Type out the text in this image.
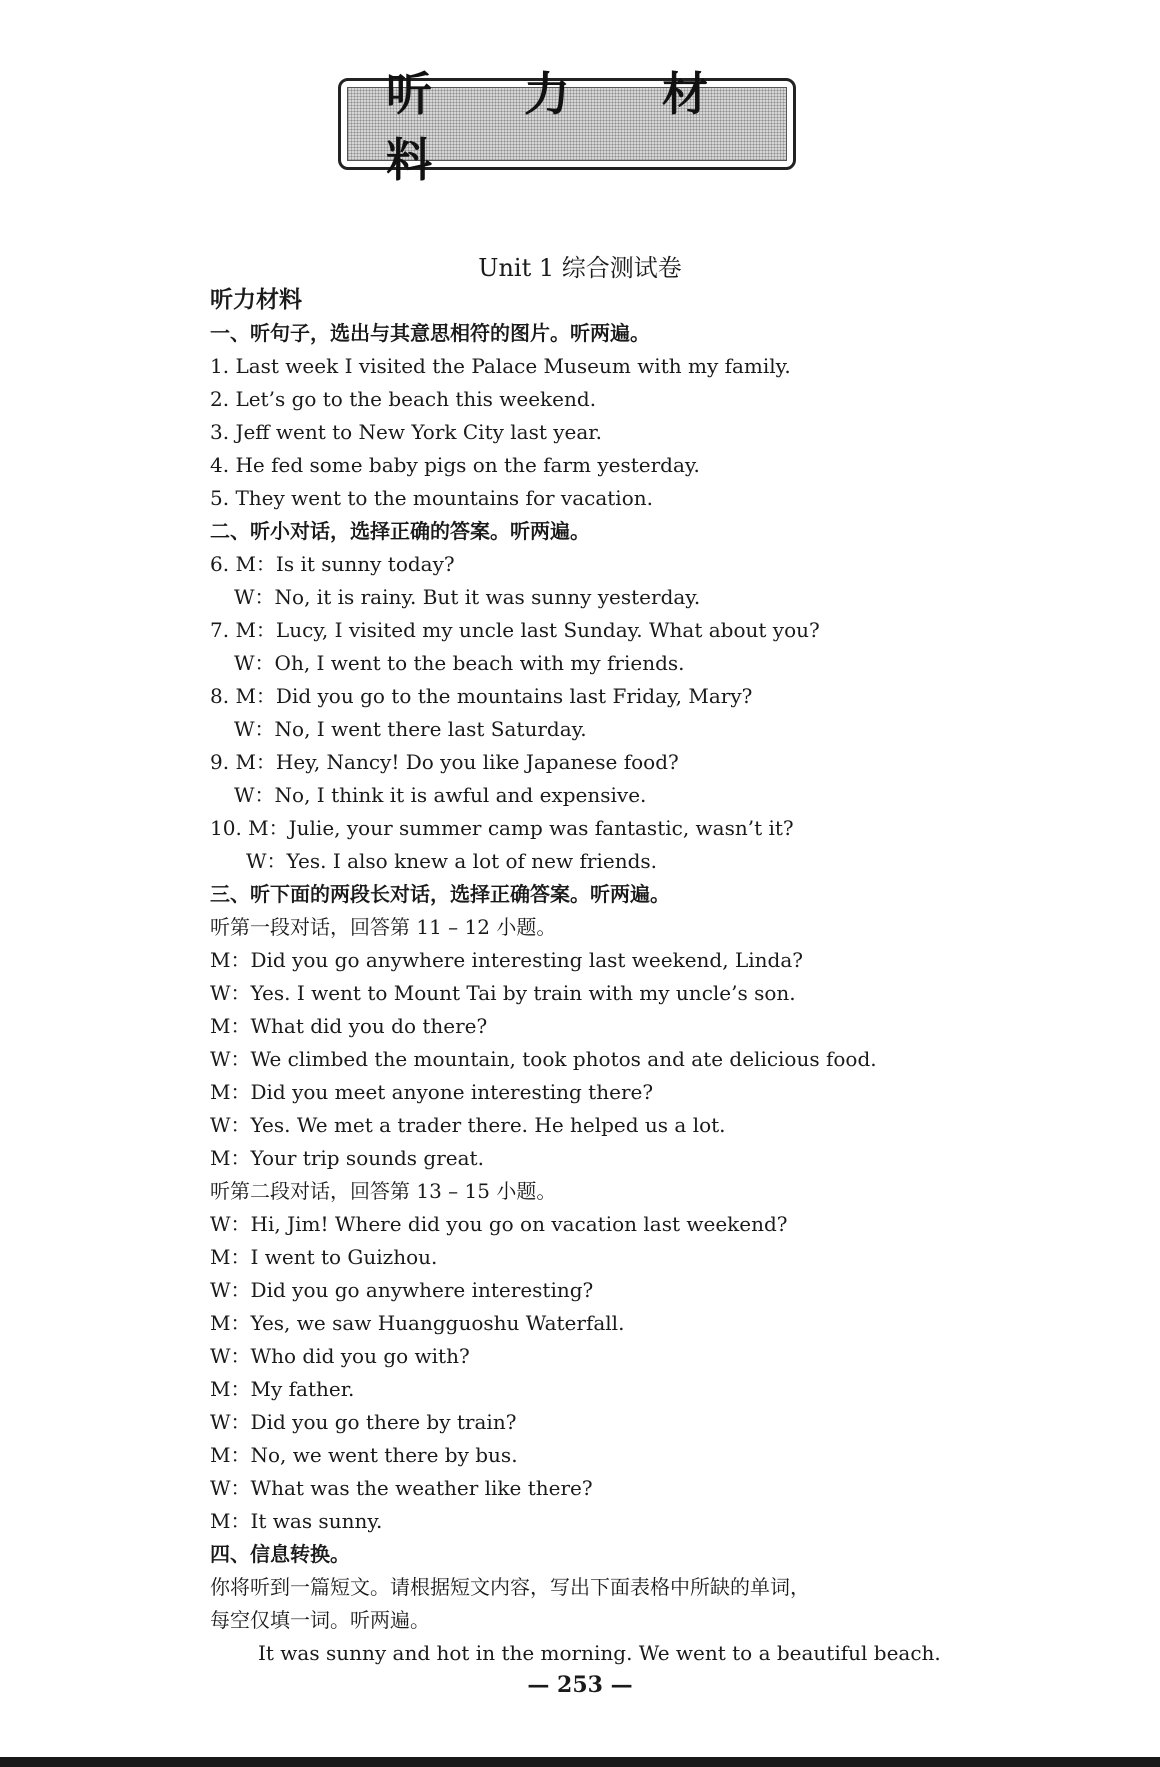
听 力 材 料
Unit 1 综合测试卷
听力材料
一、听句子，选出与其意思相符的图片。听两遍。
1. Last week I visited the Palace Museum with my family.
2. Let’s go to the beach this weekend.
3. Jeff went to New York City last year.
4. He fed some baby pigs on the farm yesterday.
5. They went to the mountains for vacation.
二、听小对话，选择正确的答案。听两遍。
6. M：Is it sunny today?
W：No, it is rainy. But it was sunny yesterday.
7. M：Lucy, I visited my uncle last Sunday. What about you?
W：Oh, I went to the beach with my friends.
8. M：Did you go to the mountains last Friday, Mary?
W：No, I went there last Saturday.
9. M：Hey, Nancy! Do you like Japanese food?
W：No, I think it is awful and expensive.
10. M：Julie, your summer camp was fantastic, wasn’t it?
W：Yes. I also knew a lot of new friends.
三、听下面的两段长对话，选择正确答案。听两遍。
听第一段对话，回答第 11 – 12 小题。
M：Did you go anywhere interesting last weekend, Linda?
W：Yes. I went to Mount Tai by train with my uncle’s son.
M：What did you do there?
W：We climbed the mountain, took photos and ate delicious food.
M：Did you meet anyone interesting there?
W：Yes. We met a trader there. He helped us a lot.
M：Your trip sounds great.
听第二段对话，回答第 13 – 15 小题。
W：Hi, Jim! Where did you go on vacation last weekend?
M：I went to Guizhou.
W：Did you go anywhere interesting?
M：Yes, we saw Huangguoshu Waterfall.
W：Who did you go with?
M：My father.
W：Did you go there by train?
M：No, we went there by bus.
W：What was the weather like there?
M：It was sunny.
四、信息转换。
你将听到一篇短文。请根据短文内容，写出下面表格中所缺的单词，
每空仅填一词。听两遍。
It was sunny and hot in the morning. We went to a beautiful beach.
— 253 —
